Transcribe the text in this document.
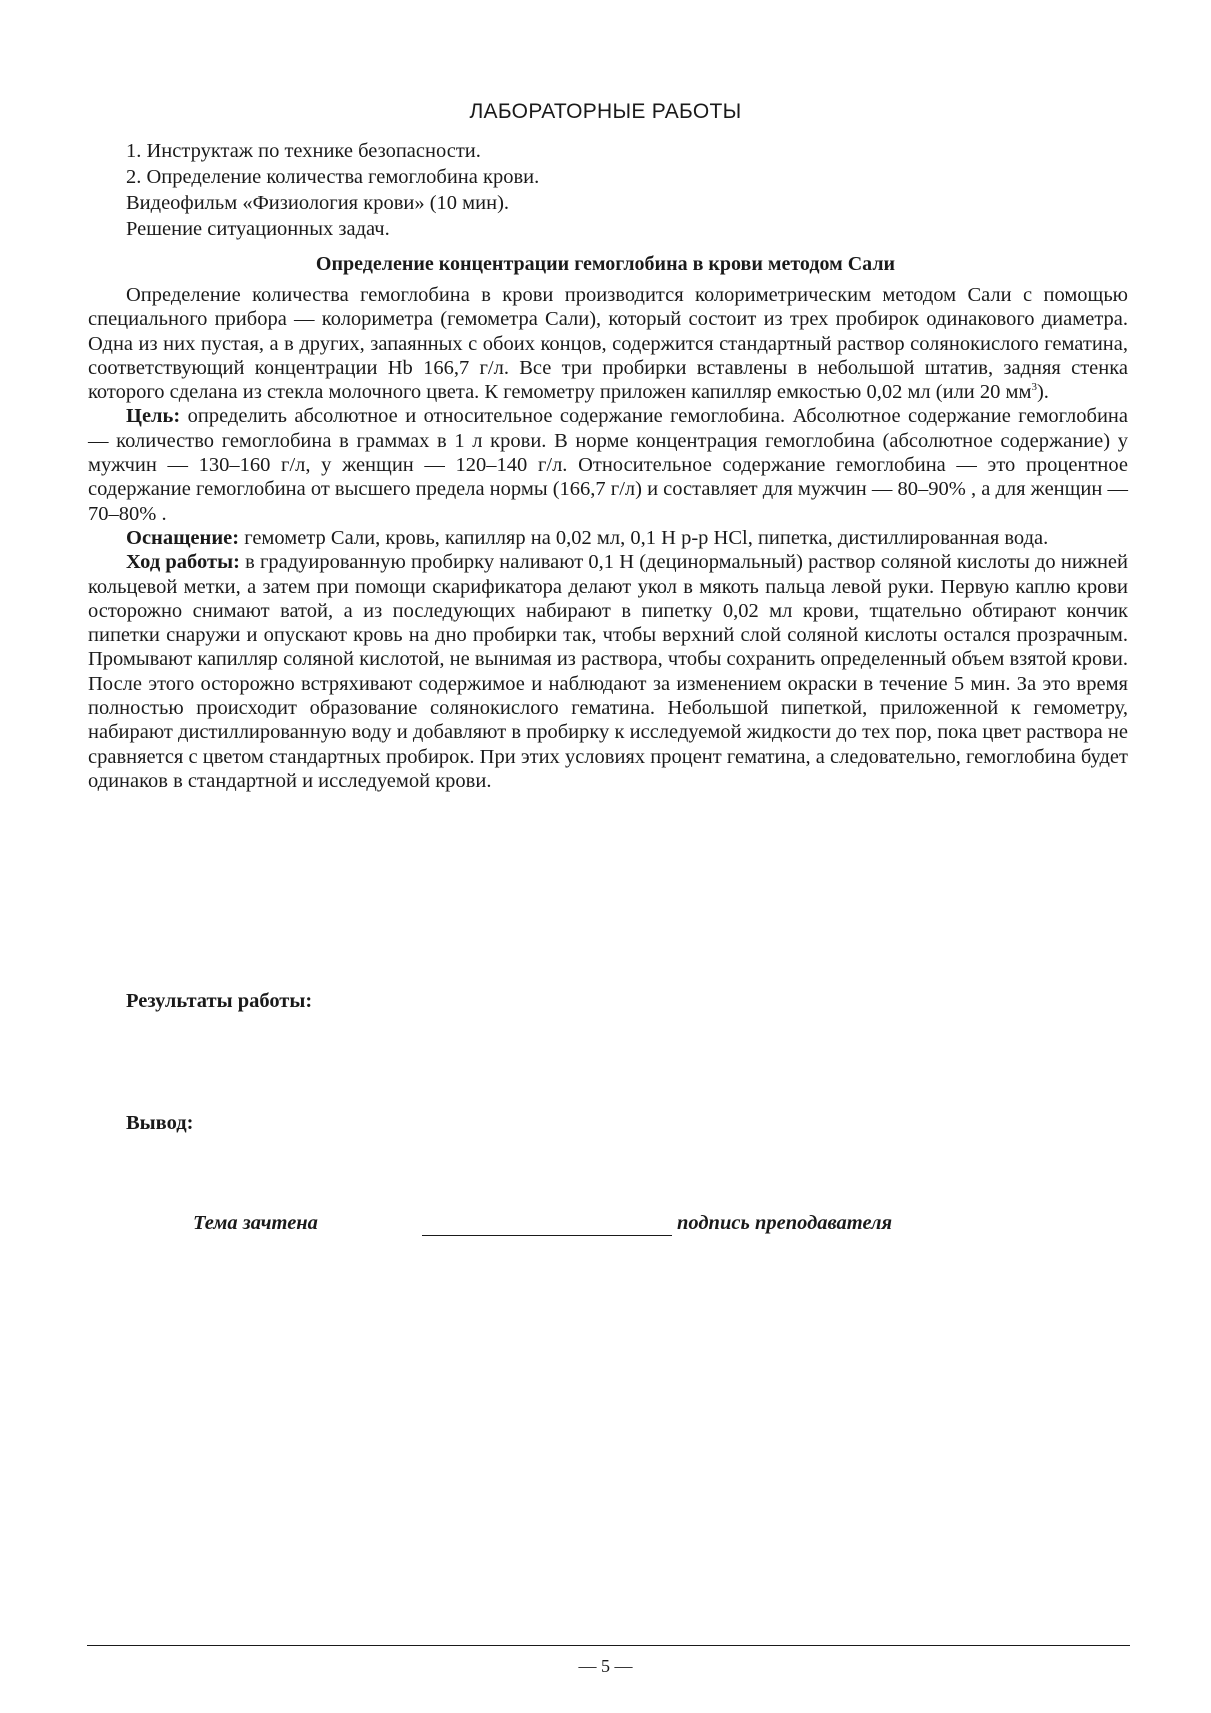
ЛАБОРАТОРНЫЕ РАБОТЫ
1. Инструктаж по технике безопасности.
2. Определение количества гемоглобина крови.
Видеофильм «Физиология крови» (10 мин).
Решение ситуационных задач.
Определение концентрации гемоглобина в крови методом Сали

Определение количества гемоглобина в крови производится колориметрическим методом Сали с помощью специального прибора — колориметра (гемометра Сали), который состоит из трех пробирок одинакового диаметра. Одна из них пустая, а в других, запаянных с обоих концов, содержится стандартный раствор солянокислого гематина, соответствующий концентрации Hb 166,7 г/л. Все три пробирки вставлены в небольшой штатив, задняя стенка которого сделана из стекла молочного цвета. К гемометру приложен капилляр емкостью 0,02 мл (или 20 $мм^3$).

Цель: определить абсолютное и относительное содержание гемоглобина. Абсолютное содержание гемоглобина — количество гемоглобина в граммах в 1 л крови. В норме концентрация гемоглобина (абсолютное содержание) у мужчин — 130–160 г/л, у женщин — 120–140 г/л. Относительное содержание гемоглобина — это процентное содержание гемоглобина от высшего предела нормы (166,7 г/л) и составляет для мужчин — 80–90% , а для женщин — 70–80% .

Оснащение: гемометр Сали, кровь, капилляр на 0,02 мл, 0,1 Н р-р HCl, пипетка, дистиллированная вода.

Ход работы: в градуированную пробирку наливают 0,1 Н (децинормальный) раствор соляной кислоты до нижней кольцевой метки, а затем при помощи скарификатора делают укол в мякоть пальца левой руки. Первую каплю крови осторожно снимают ватой, а из последующих набирают в пипетку 0,02 мл крови, тщательно обтирают кончик пипетки снаружи и опускают кровь на дно пробирки так, чтобы верхний слой соляной кислоты остался прозрачным. Промывают капилляр соляной кислотой, не вынимая из раствора, чтобы сохранить определенный объем взятой крови. После этого осторожно встряхивают содержимое и наблюдают за изменением окраски в течение 5 мин. За это время полностью происходит образование солянокислого гематина. Небольшой пипеткой, приложенной к гемометру, набирают дистиллированную воду и добавляют в пробирку к исследуемой жидкости до тех пор, пока цвет раствора не сравняется с цветом стандартных пробирок. При этих условиях процент гематина, а следовательно, гемоглобина будет одинаков в стандартной и исследуемой крови.

Результаты работы:
Вывод:
Тема зачтена	подпись преподавателя
— 5 —
